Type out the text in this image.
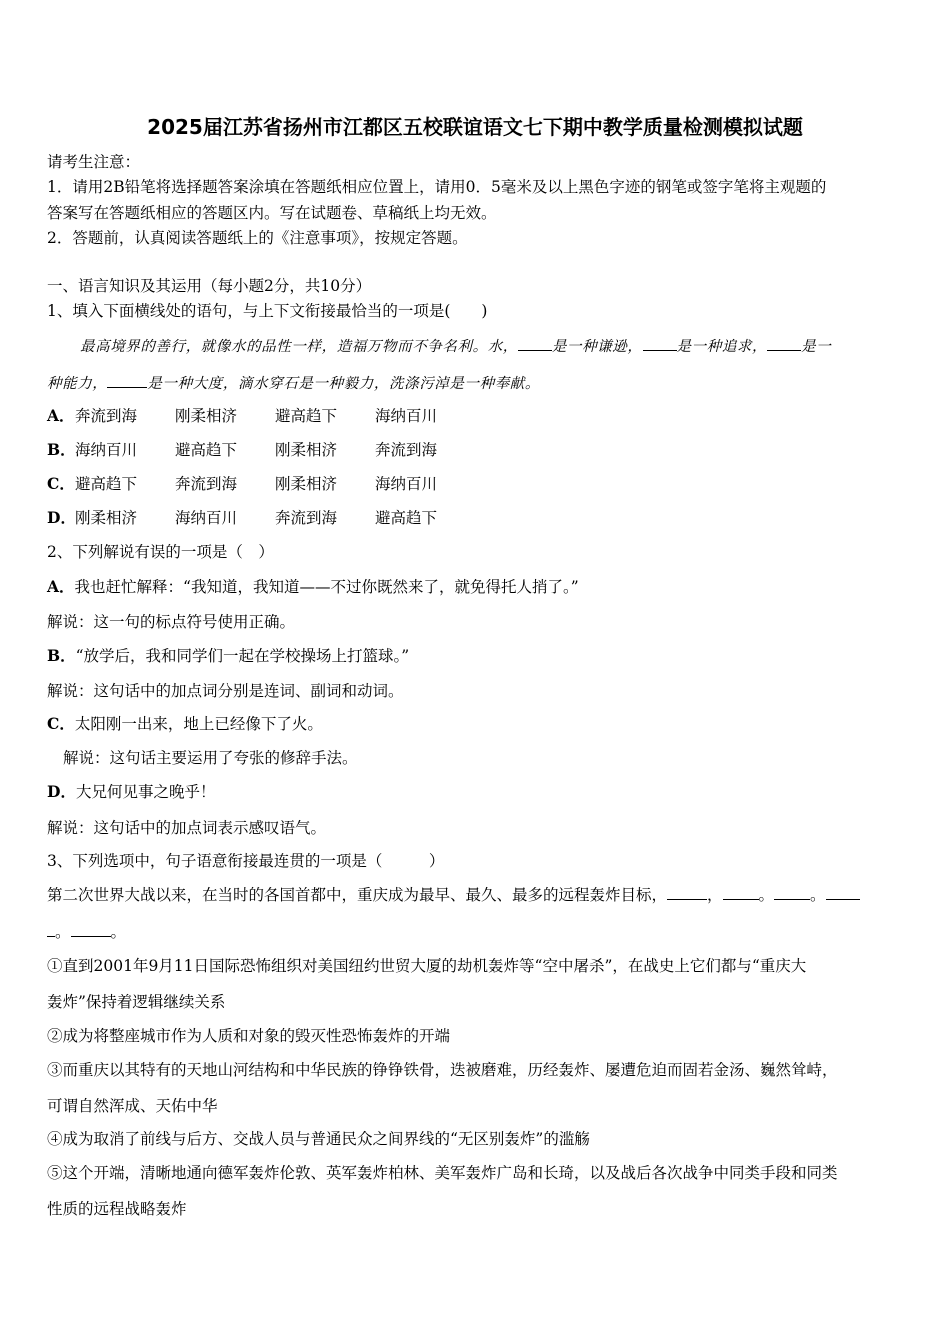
2025届江苏省扬州市江都区五校联谊语文七下期中教学质量检测模拟试题
请考生注意：
1．请用2B铅笔将选择题答案涂填在答题纸相应位置上，请用0．5毫米及以上黑色字迹的钢笔或签字笔将主观题的
答案写在答题纸相应的答题区内。写在试题卷、草稿纸上均无效。
2．答题前，认真阅读答题纸上的《注意事项》，按规定答题。
一、语言知识及其运用（每小题2分，共10分）
1、填入下面横线处的语句，与上下文衔接最恰当的一项是(　　)
最高境界的善行，就像水的品性一样，造福万物而不争名利。水， 是一种谦逊， 是一种追求， 是一
种能力，	是一种大度，滴水穿石是一种毅力，洗涤污淖是一种奉献。
A．奔流到海 刚柔相济 避高趋下 海纳百川
B．海纳百川 避高趋下 刚柔相济 奔流到海
C．避高趋下 奔流到海 刚柔相济 海纳百川
D．刚柔相济 海纳百川 奔流到海 避高趋下
2、下列解说有误的一项是（　）
A．我也赶忙解释：“我知道，我知道——不过你既然来了，就免得托人捎了。”
解说：这一句的标点符号使用正确。
B．“放学后，我和同学们一起在学校操场上打篮球。”
解说：这句话中的加点词分别是连词、副词和动词。
C．太阳刚一出来，地上已经像下了火。
解说：这句话主要运用了夸张的修辞手法。
D．大兄何见事之晚乎！
解说：这句话中的加点词表示感叹语气。
3、下列选项中，句子语意衔接最连贯的一项是（　　　）
第二次世界大战以来，在当时的各国首都中，重庆成为最早、最久、最多的远程轰炸目标，	， 。 。
。	。
①直到2001年9月11日国际恐怖组织对美国纽约世贸大厦的劫机轰炸等“空中屠杀”，在战史上它们都与“重庆大
轰炸”保持着逻辑继续关系
②成为将整座城市作为人质和对象的毁灭性恐怖轰炸的开端
③而重庆以其特有的天地山河结构和中华民族的铮铮铁骨，迭被磨难，历经轰炸、屡遭危迫而固若金汤、巍然耸峙，
可谓自然浑成、天佑中华
④成为取消了前线与后方、交战人员与普通民众之间界线的“无区别轰炸”的滥觞
⑤这个开端，清晰地通向德军轰炸伦敦、英军轰炸柏林、美军轰炸广岛和长琦，以及战后各次战争中同类手段和同类
性质的远程战略轰炸
